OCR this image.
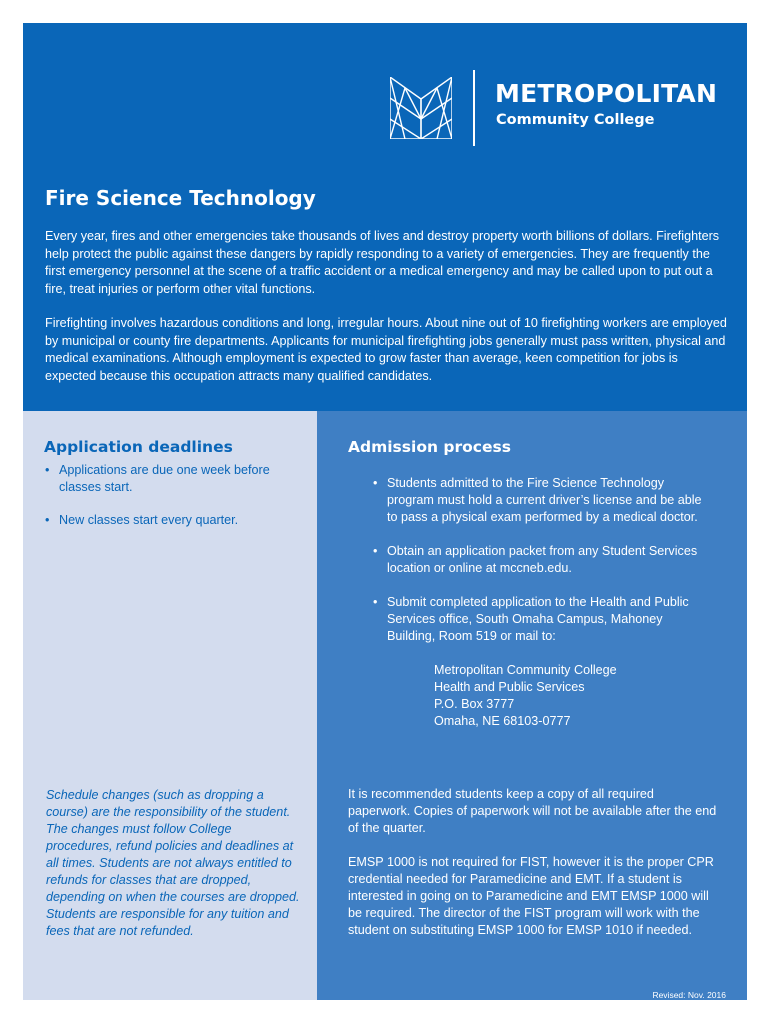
METROPOLITAN
Community College
Fire Science Technology

Every year, fires and other emergencies take thousands of lives and destroy property worth billions of dollars. Firefighters help protect the public against these dangers by rapidly responding to a variety of emergencies. They are frequently the first emergency personnel at the scene of a traffic accident or a medical emergency and may be called upon to put out a fire, treat injuries or perform other vital functions.

Firefighting involves hazardous conditions and long, irregular hours. About nine out of 10 firefighting workers are employed by municipal or county fire departments. Applicants for municipal firefighting jobs generally must pass written, physical and medical examinations. Although employment is expected to grow faster than average, keen competition for jobs is expected because this occupation attracts many qualified candidates.

Application deadlines
• Applications are due one week before classes start.
• New classes start every quarter.

Schedule changes (such as dropping a course) are the responsibility of the student. The changes must follow College procedures, refund policies and deadlines at all times. Students are not always entitled to refunds for classes that are dropped, depending on when the courses are dropped. Students are responsible for any tuition and fees that are not refunded.

Admission process
• Students admitted to the Fire Science Technology program must hold a current driver’s license and be able to pass a physical exam performed by a medical doctor.
• Obtain an application packet from any Student Services location or online at mccneb.edu.
• Submit completed application to the Health and Public Services office, South Omaha Campus, Mahoney Building, Room 519 or mail to:
Metropolitan Community College
Health and Public Services
P.O. Box 3777
Omaha, NE 68103-0777

It is recommended students keep a copy of all required paperwork. Copies of paperwork will not be available after the end of the quarter.

EMSP 1000 is not required for FIST, however it is the proper CPR credential needed for Paramedicine and EMT. If a student is interested in going on to Paramedicine and EMT EMSP 1000 will be required. The director of the FIST program will work with the student on substituting EMSP 1000 for EMSP 1010 if needed.

Revised: Nov. 2016
